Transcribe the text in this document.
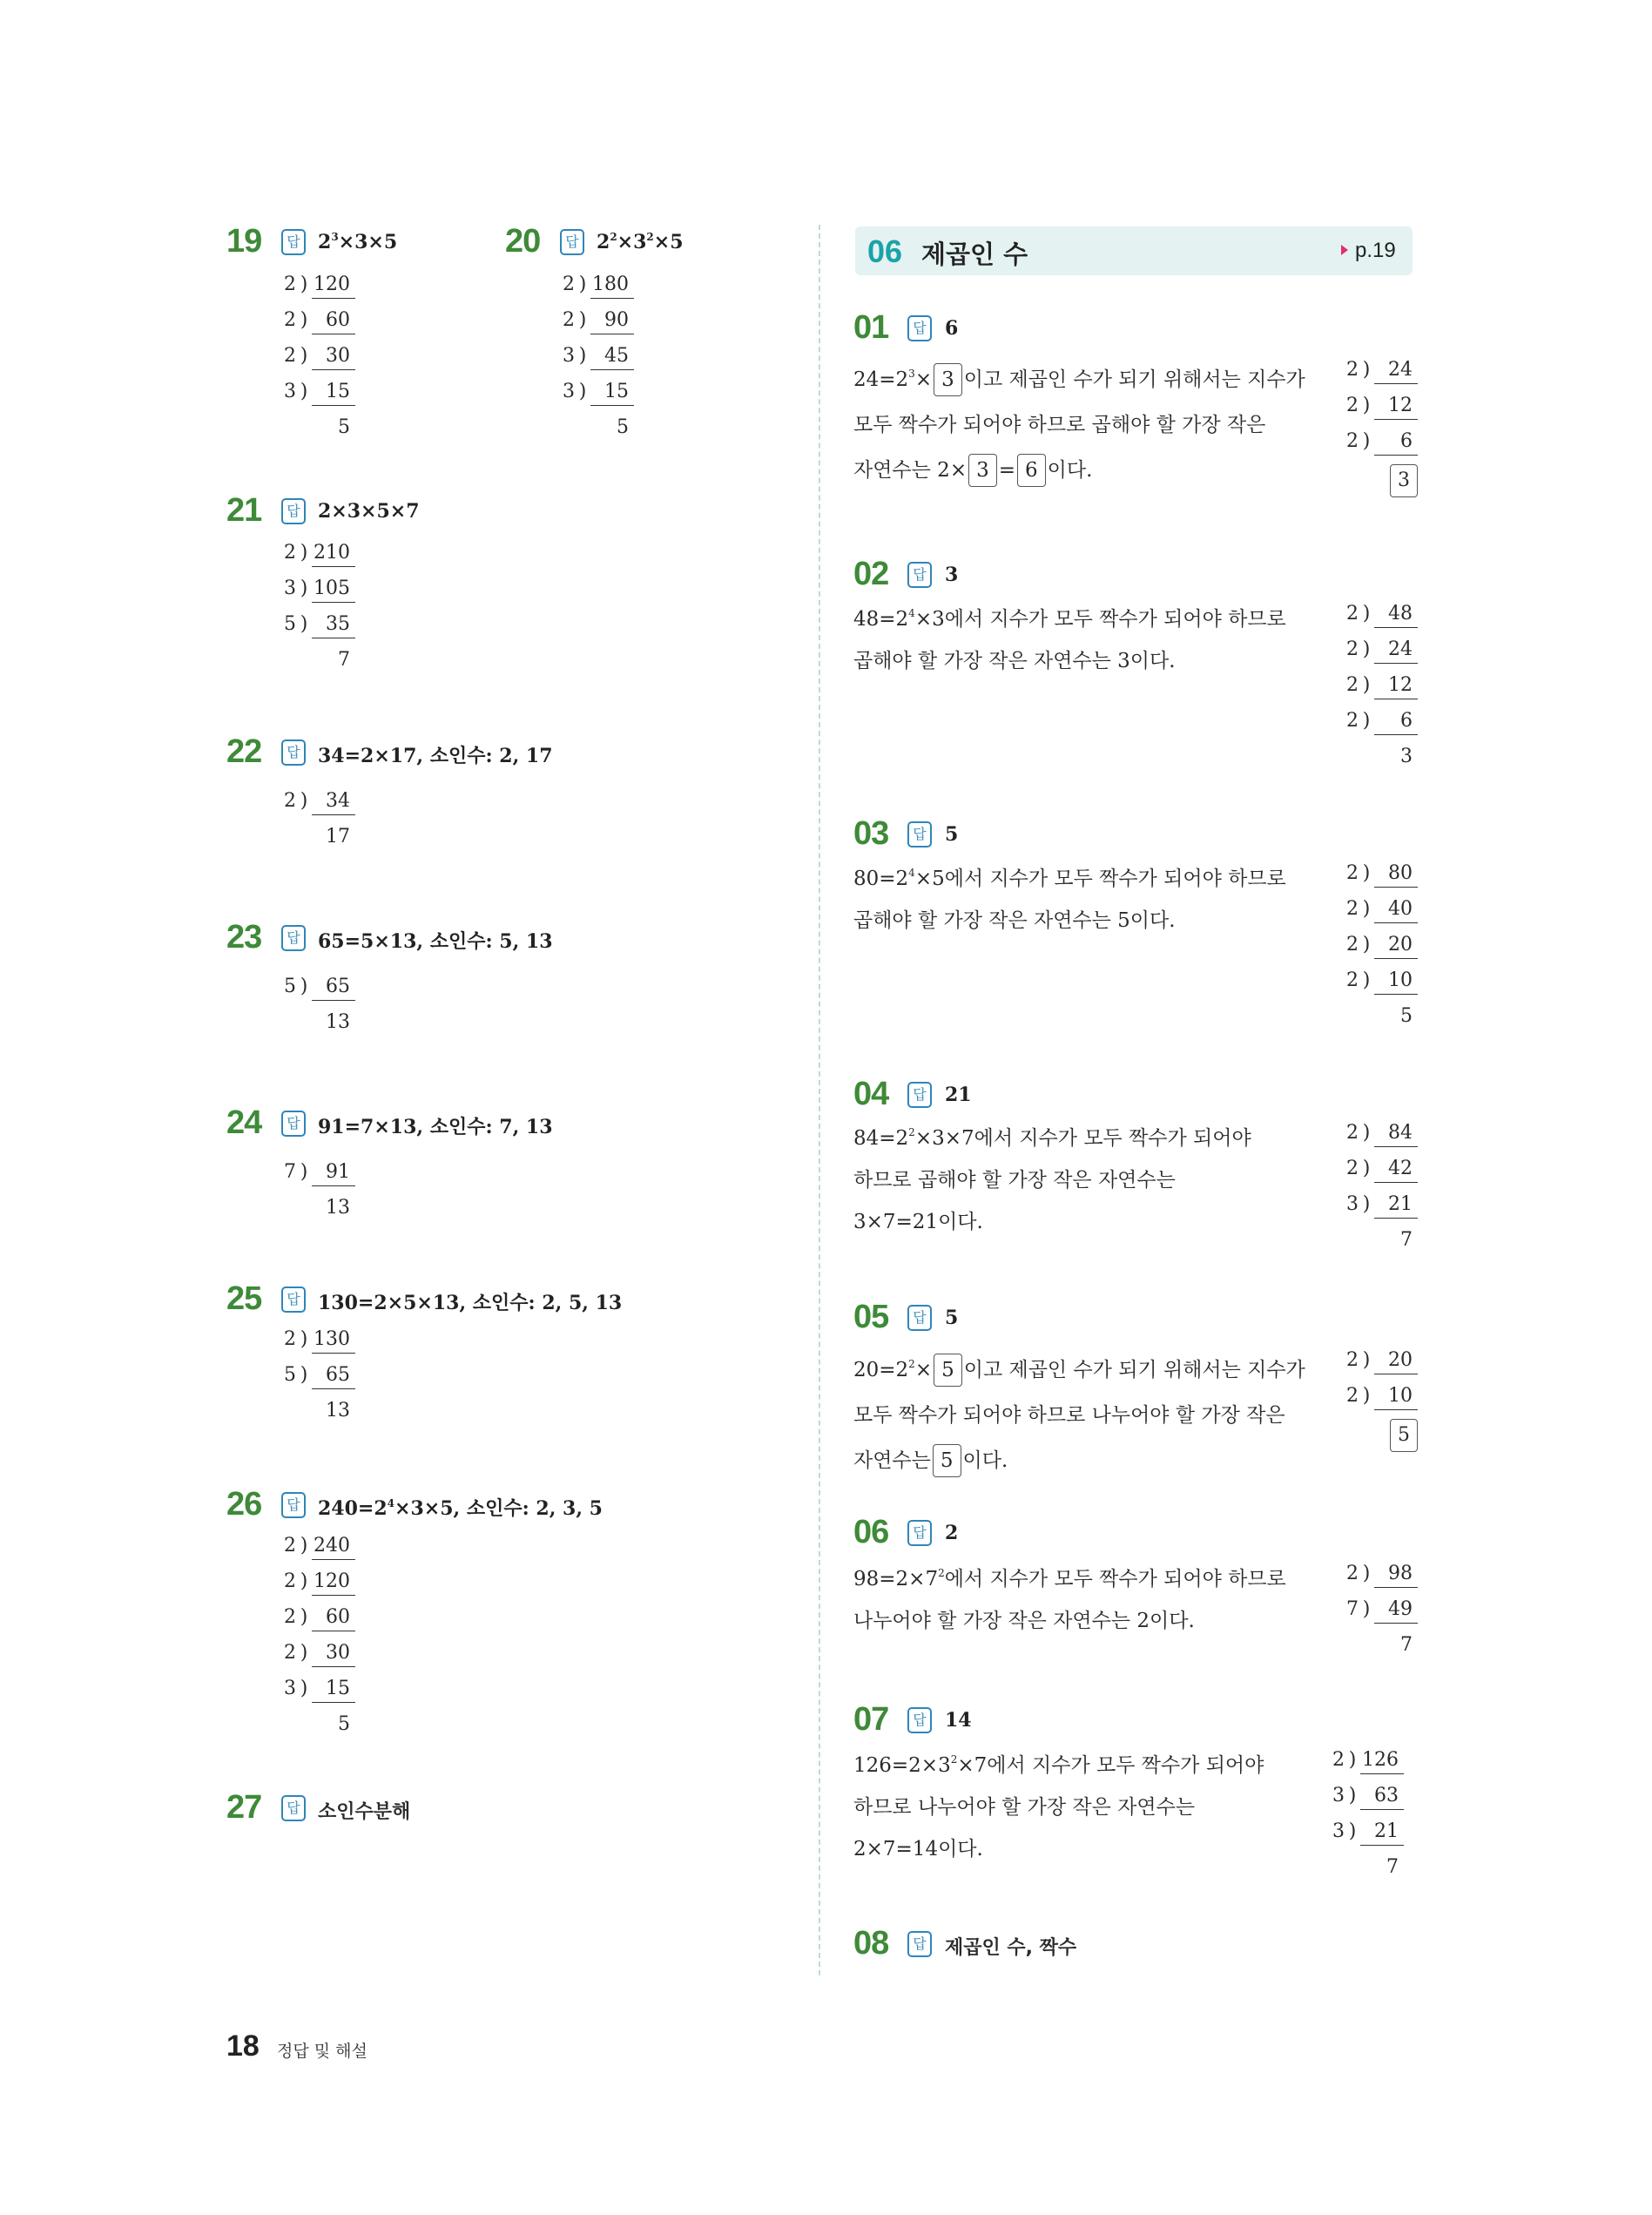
19	답 $2^3\times 3\times 5$
2 ) 120
2 ) 60
2 ) 30
3 ) 15
  5
20	답 $2^2\times 3^2\times 5$
2 ) 180
2 ) 90
3 ) 45
3 ) 15
  5
21	답 2×3×5×7
2 ) 210
3 ) 105
5 ) 35
  7
22	답 34=2×17, 소인수: 2, 17
2 ) 34
 17
23	답 65=5×13, 소인수: 5, 13
5 ) 65
 13
24	답 91=7×13, 소인수: 7, 13
7 ) 91
 13
25	답 130=2×5×13, 소인수: 2, 5, 13
2 ) 130
5 ) 65
 13
26	답 $240=2^4\times 3\times 5$, 소인수: 2, 3, 5
2 ) 240
2 ) 120
2 ) 60
2 ) 30
3 ) 15
  5
27	답 소인수분해
06 제곱인 수	p.19
01	답 6
$24=2^3\times 3$ 이고 제곱인 수가 되기 위해서는 지수가
모두 짝수가 되어야 하므로 곱해야 할 가장 작은
자연수는 2× 3 = 6 이다.
2 ) 24
2 ) 12
2 )  6
 3
02	답 3
$48=2^4\times 3$에서 지수가 모두 짝수가 되어야 하므로
곱해야 할 가장 작은 자연수는 3이다.
2 ) 48
2 ) 24
2 ) 12
2 )  6
  3
03	답 5
$80=2^4\times 5$에서 지수가 모두 짝수가 되어야 하므로
곱해야 할 가장 작은 자연수는 5이다.
2 ) 80
2 ) 40
2 ) 20
2 ) 10
  5
04	답 21
$84=2^2\times 3\times 7$에서 지수가 모두 짝수가 되어야
하므로 곱해야 할 가장 작은 자연수는
3×7=21이다.
2 ) 84
2 ) 42
3 ) 21
  7
05	답 5
$20=2^2\times 5$ 이고 제곱인 수가 되기 위해서는 지수가
모두 짝수가 되어야 하므로 나누어야 할 가장 작은
자연수는 5 이다.
2 ) 20
2 ) 10
 5
06	답 2
$98=2\times 7^2$에서 지수가 모두 짝수가 되어야 하므로
나누어야 할 가장 작은 자연수는 2이다.
2 ) 98
7 ) 49
  7
07	답 14
$126=2\times 3^2\times 7$에서 지수가 모두 짝수가 되어야
하므로 나누어야 할 가장 작은 자연수는
2×7=14이다.
2 ) 126
3 ) 63
3 ) 21
  7
08	답 제곱인 수, 짝수
18 정답 및 해설
